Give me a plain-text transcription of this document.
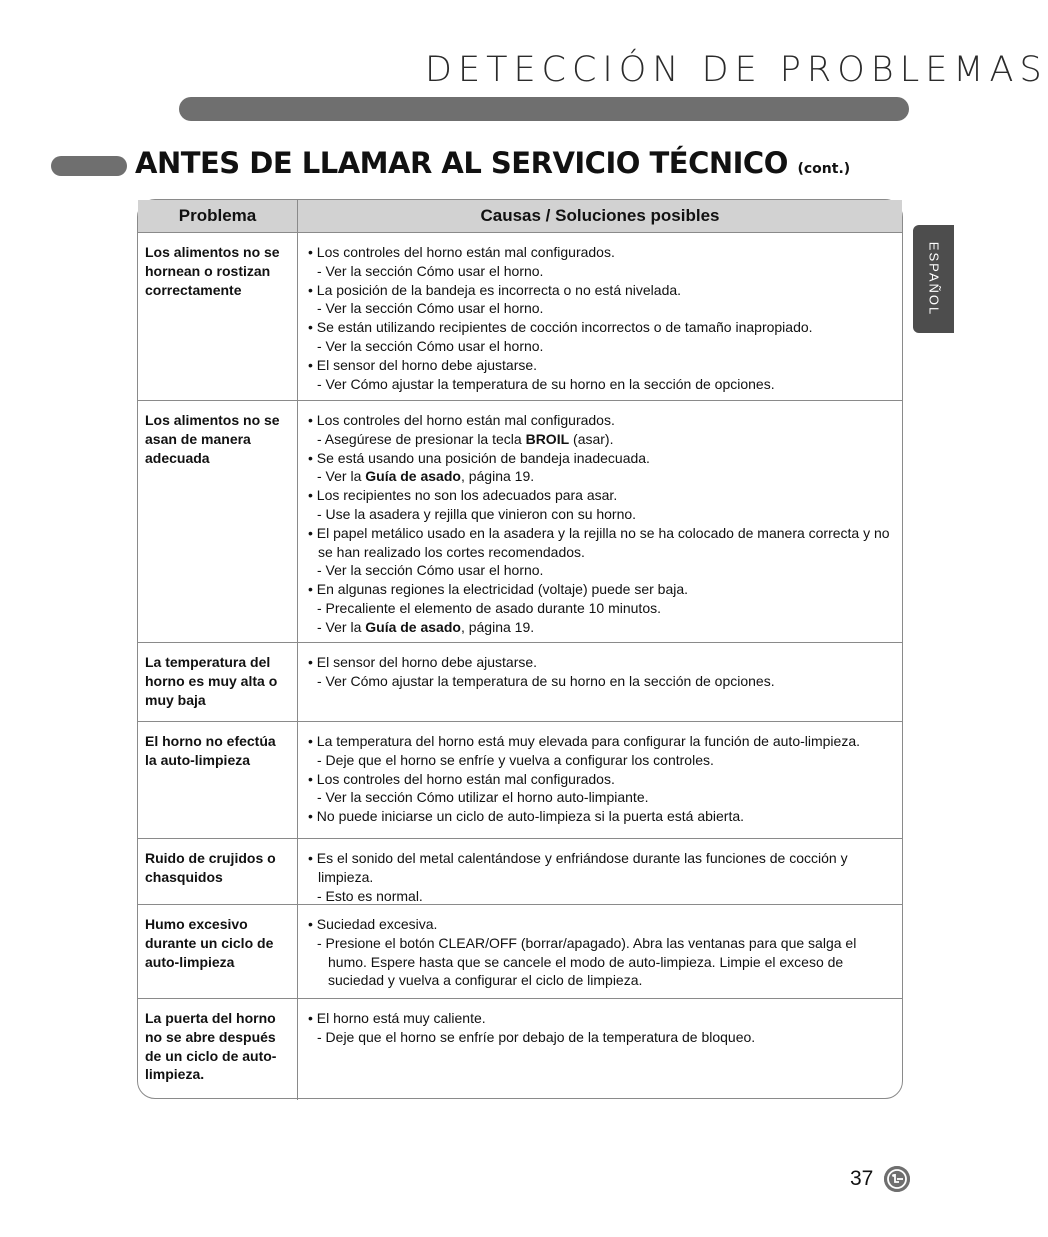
DETECCIÓN DE PROBLEMAS
ANTES DE LLAMAR AL SERVICIO TÉCNICO (cont.)
ESPAÑOL
Problema	Causas / Soluciones posibles
Los alimentos no se hornean o rostizan correctamente
• Los controles del horno están mal configurados.
- Ver la sección Cómo usar el horno.
• La posición de la bandeja es incorrecta o no está nivelada.
- Ver la sección Cómo usar el horno.
• Se están utilizando recipientes de cocción incorrectos o de tamaño inapropiado.
- Ver la sección Cómo usar el horno.
• El sensor del horno debe ajustarse.
- Ver Cómo ajustar la temperatura de su horno en la sección de opciones.
Los alimentos no se asan de manera adecuada
• Los controles del horno están mal configurados.
- Asegúrese de presionar la tecla BROIL (asar).
• Se está usando una posición de bandeja inadecuada.
- Ver la Guía de asado, página 19.
• Los recipientes no son los adecuados para asar.
- Use la asadera y rejilla que vinieron con su horno.
• El papel metálico usado en la asadera y la rejilla no se ha colocado de manera correcta y no se han realizado los cortes recomendados.
- Ver la sección Cómo usar el horno.
• En algunas regiones la electricidad (voltaje) puede ser baja.
- Precaliente el elemento de asado durante 10 minutos.
- Ver la Guía de asado, página 19.
La temperatura del horno es muy alta o muy baja
• El sensor del horno debe ajustarse.
- Ver Cómo ajustar la temperatura de su horno en la sección de opciones.
El horno no efectúa la auto-limpieza
• La temperatura del horno está muy elevada para configurar la función de auto-limpieza.
- Deje que el horno se enfríe y vuelva a configurar los controles.
• Los controles del horno están mal configurados.
- Ver la sección Cómo utilizar el horno auto-limpiante.
• No puede iniciarse un ciclo de auto-limpieza si la puerta está abierta.
Ruido de crujidos o chasquidos
• Es el sonido del metal calentándose y enfriándose durante las funciones de cocción y limpieza.
- Esto es normal.
Humo excesivo durante un ciclo de auto-limpieza
• Suciedad excesiva.
- Presione el botón CLEAR/OFF (borrar/apagado). Abra las ventanas para que salga el humo. Espere hasta que se cancele el modo de auto-limpieza. Limpie el exceso de suciedad y vuelva a configurar el ciclo de limpieza.
La puerta del horno no se abre después de un ciclo de auto-limpieza.
• El horno está muy caliente.
- Deje que el horno se enfríe por debajo de la temperatura de bloqueo.
37
